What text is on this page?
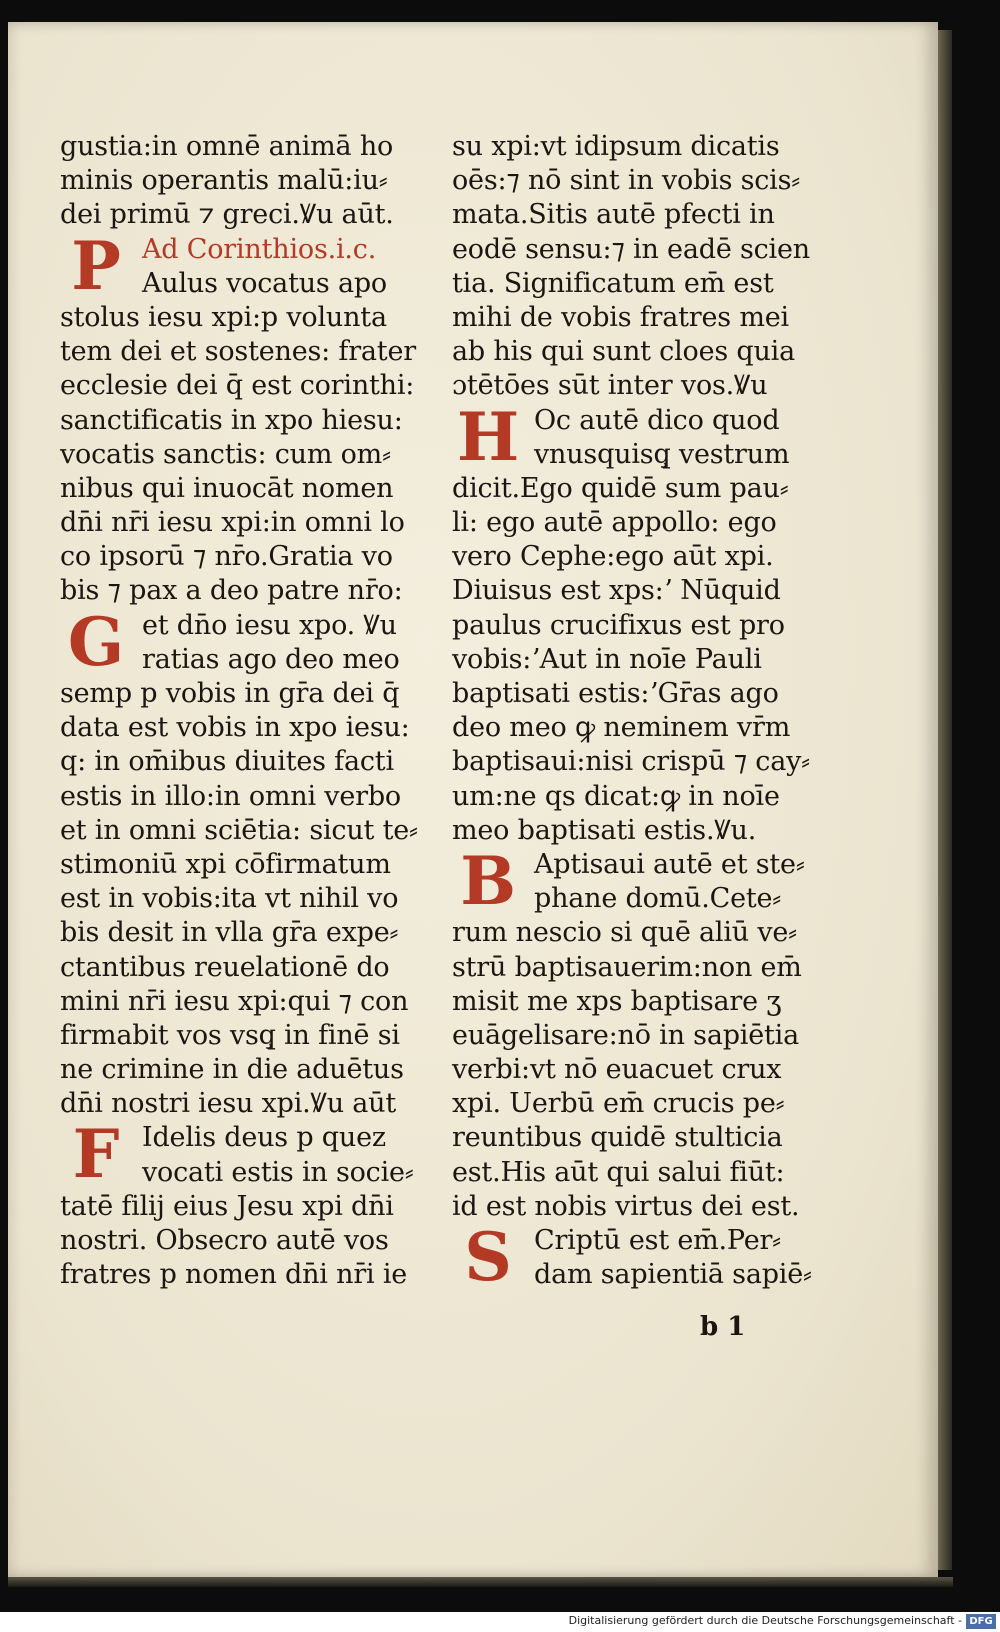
gustia:in omnē animā ho
minis operantis malū:iu⸗
dei primū ⁊ greci.Ꝟu aūt.
P Ad Corinthios.i.c.
Aulus vocatus apo
stolus iesu xpi:p volunta
tem dei et sostenes: frater
ecclesie dei q̄ est corinthi:
sanctificatis in xpo hiesu:
vocatis sanctis: cum om⸗
nibus qui inuocāt nomen
dn̄i nr̄i iesu xpi:in omni lo
co ipsorū ⁊ nr̄o.Gratia vo
bis ⁊ pax a deo patre nr̄o:
G et dn̄o iesu xpo. Ꝟu
ratias ago deo meo
semp p vobis in gr̄a dei q̄
data est vobis in xpo iesu:
q: in om̄ibus diuites facti
estis in illo:in omni verbo
et in omni sciētia: sicut te⸗
stimoniū xpi cōfirmatum
est in vobis:ita vt nihil vo
bis desit in vlla gr̄a expe⸗
ctantibus reuelationē do
mini nr̄i iesu xpi:qui ⁊ con
firmabit vos vsq̧ in finē si
ne crimine in die aduētus
dn̄i nostri iesu xpi.Ꝟu aūt
F Idelis deus p quez
vocati estis in socie⸗
tatē filij eius Jesu xpi dn̄i
nostri. Obsecro autē vos
fratres p nomen dn̄i nr̄i ie
su xpi:vt idipsum dicatis
oēs:⁊ nō sint in vobis scis⸗
mata.Sitis autē pfecti in
eodē sensu:⁊ in eadē scien
tia. Significatum em̄ est
mihi de vobis fratres mei
ab his qui sunt cloes quia
ɔtētōes sūt inter vos.Ꝟu
H Oc autē dico quod
vnusquisq̧ vestrum
dicit.Ego quidē sum pau⸗
li: ego autē appollo: ego
vero Cephe:ego aūt xpi.
Diuisus est xps:ʼ Nūquid
paulus crucifixus est pro
vobis:ʼAut in noīe Pauli
baptisati estis:ʼGr̄as ago
deo meo ꝙ neminem vr̄m
baptisaui:nisi crispū ⁊ cay⸗
um:ne qs dicat:ꝙ in noīe
meo baptisati estis.Ꝟu.
B Aptisaui autē et ste⸗
phane domū.Cete⸗
rum nescio si quē aliū ve⸗
strū baptisauerim:non em̄
misit me xps baptisare ʒ
euāgelisare:nō in sapiētia
verbi:vt nō euacuet crux
xpi. Uerbū em̄ crucis pe⸗
reuntibus quidē stulticia
est.His aūt qui salui fiūt:
id est nobis virtus dei est.
S Criptū est em̄.Per⸗
dam sapientiā sapiē⸗
b 1
Digitalisierung gefördert durch die Deutsche Forschungsgemeinschaft - DFG
